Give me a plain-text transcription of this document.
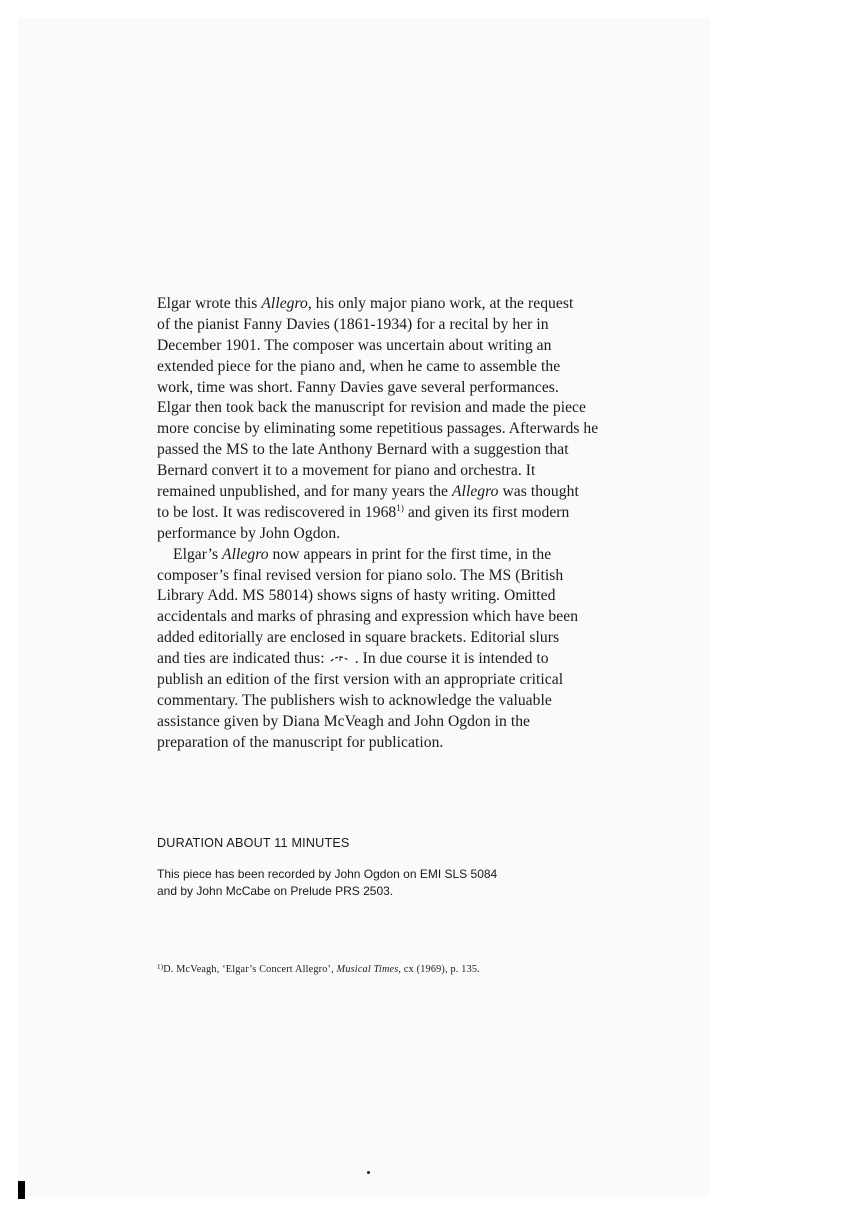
Elgar wrote this Allegro, his only major piano work, at the request
of the pianist Fanny Davies (1861-1934) for a recital by her in
December 1901. The composer was uncertain about writing an
extended piece for the piano and, when he came to assemble the
work, time was short. Fanny Davies gave several performances.
Elgar then took back the manuscript for revision and made the piece
more concise by eliminating some repetitious passages. Afterwards he
passed the MS to the late Anthony Bernard with a suggestion that
Bernard convert it to a movement for piano and orchestra. It
remained unpublished, and for many years the Allegro was thought
to be lost. It was rediscovered in 1968$^{1)}$ and given its first modern
performance by John Ogdon.
Elgar’s Allegro now appears in print for the first time, in the
composer’s final revised version for piano solo. The MS (British
Library Add. MS 58014) shows signs of hasty writing. Omitted
accidentals and marks of phrasing and expression which have been
added editorially are enclosed in square brackets. Editorial slurs
and ties are indicated thus: . In due course it is intended to
publish an edition of the first version with an appropriate critical
commentary. The publishers wish to acknowledge the valuable
assistance given by Diana McVeagh and John Ogdon in the
preparation of the manuscript for publication.
DURATION ABOUT 11 MINUTES
This piece has been recorded by John Ogdon on EMI SLS 5084
and by John McCabe on Prelude PRS 2503.
$^{1)}$D. McVeagh, ‘Elgar’s Concert Allegro’, Musical Times, cx (1969), p. 135.
